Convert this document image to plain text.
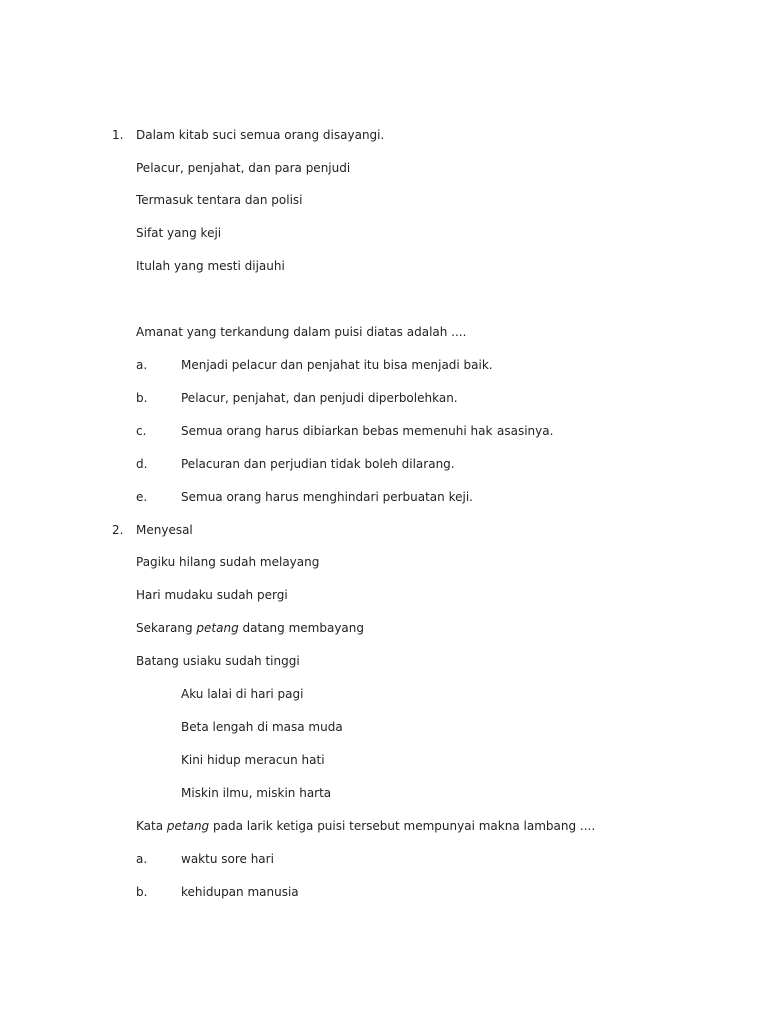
1. Dalam kitab suci semua orang disayangi.
Pelacur, penjahat, dan para penjudi
Termasuk tentara dan polisi
Sifat yang keji
Itulah yang mesti dijauhi
Amanat yang terkandung dalam puisi diatas adalah ....
a.	Menjadi pelacur dan penjahat itu bisa menjadi baik.
b.	Pelacur, penjahat, dan penjudi diperbolehkan.
c.	Semua orang harus dibiarkan bebas memenuhi hak asasinya.
d.	Pelacuran dan perjudian tidak boleh dilarang.
e.	Semua orang harus menghindari perbuatan keji.
2. Menyesal
Pagiku hilang sudah melayang
Hari mudaku sudah pergi
Sekarang petang datang membayang
Batang usiaku sudah tinggi
Aku lalai di hari pagi
Beta lengah di masa muda
Kini hidup meracun hati
Miskin ilmu, miskin harta
Kata petang pada larik ketiga puisi tersebut mempunyai makna lambang ....
a.	waktu sore hari
b.	kehidupan manusia
